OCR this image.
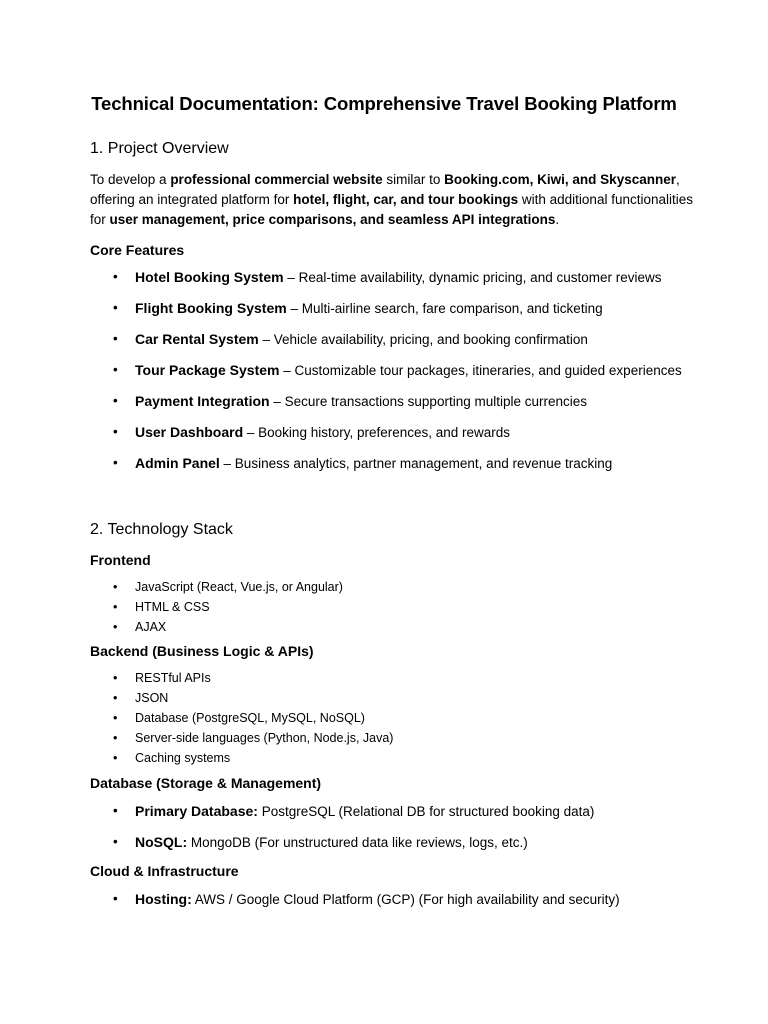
Technical Documentation: Comprehensive Travel Booking Platform
1. Project Overview

To develop a professional commercial website similar to Booking.com, Kiwi, and Skyscanner, offering an integrated platform for hotel, flight, car, and tour bookings with additional functionalities for user management, price comparisons, and seamless API integrations.

Core Features
• Hotel Booking System – Real-time availability, dynamic pricing, and customer reviews
• Flight Booking System – Multi-airline search, fare comparison, and ticketing
• Car Rental System – Vehicle availability, pricing, and booking confirmation
• Tour Package System – Customizable tour packages, itineraries, and guided experiences
• Payment Integration – Secure transactions supporting multiple currencies
• User Dashboard – Booking history, preferences, and rewards
• Admin Panel – Business analytics, partner management, and revenue tracking
2. Technology Stack
Frontend
• JavaScript (React, Vue.js, or Angular)
• HTML & CSS
• AJAX
Backend (Business Logic & APIs)
• RESTful APIs
• JSON
• Database (PostgreSQL, MySQL, NoSQL)
• Server-side languages (Python, Node.js, Java)
• Caching systems
Database (Storage & Management)
• Primary Database: PostgreSQL (Relational DB for structured booking data)
• NoSQL: MongoDB (For unstructured data like reviews, logs, etc.)
Cloud & Infrastructure
• Hosting: AWS / Google Cloud Platform (GCP) (For high availability and security)
